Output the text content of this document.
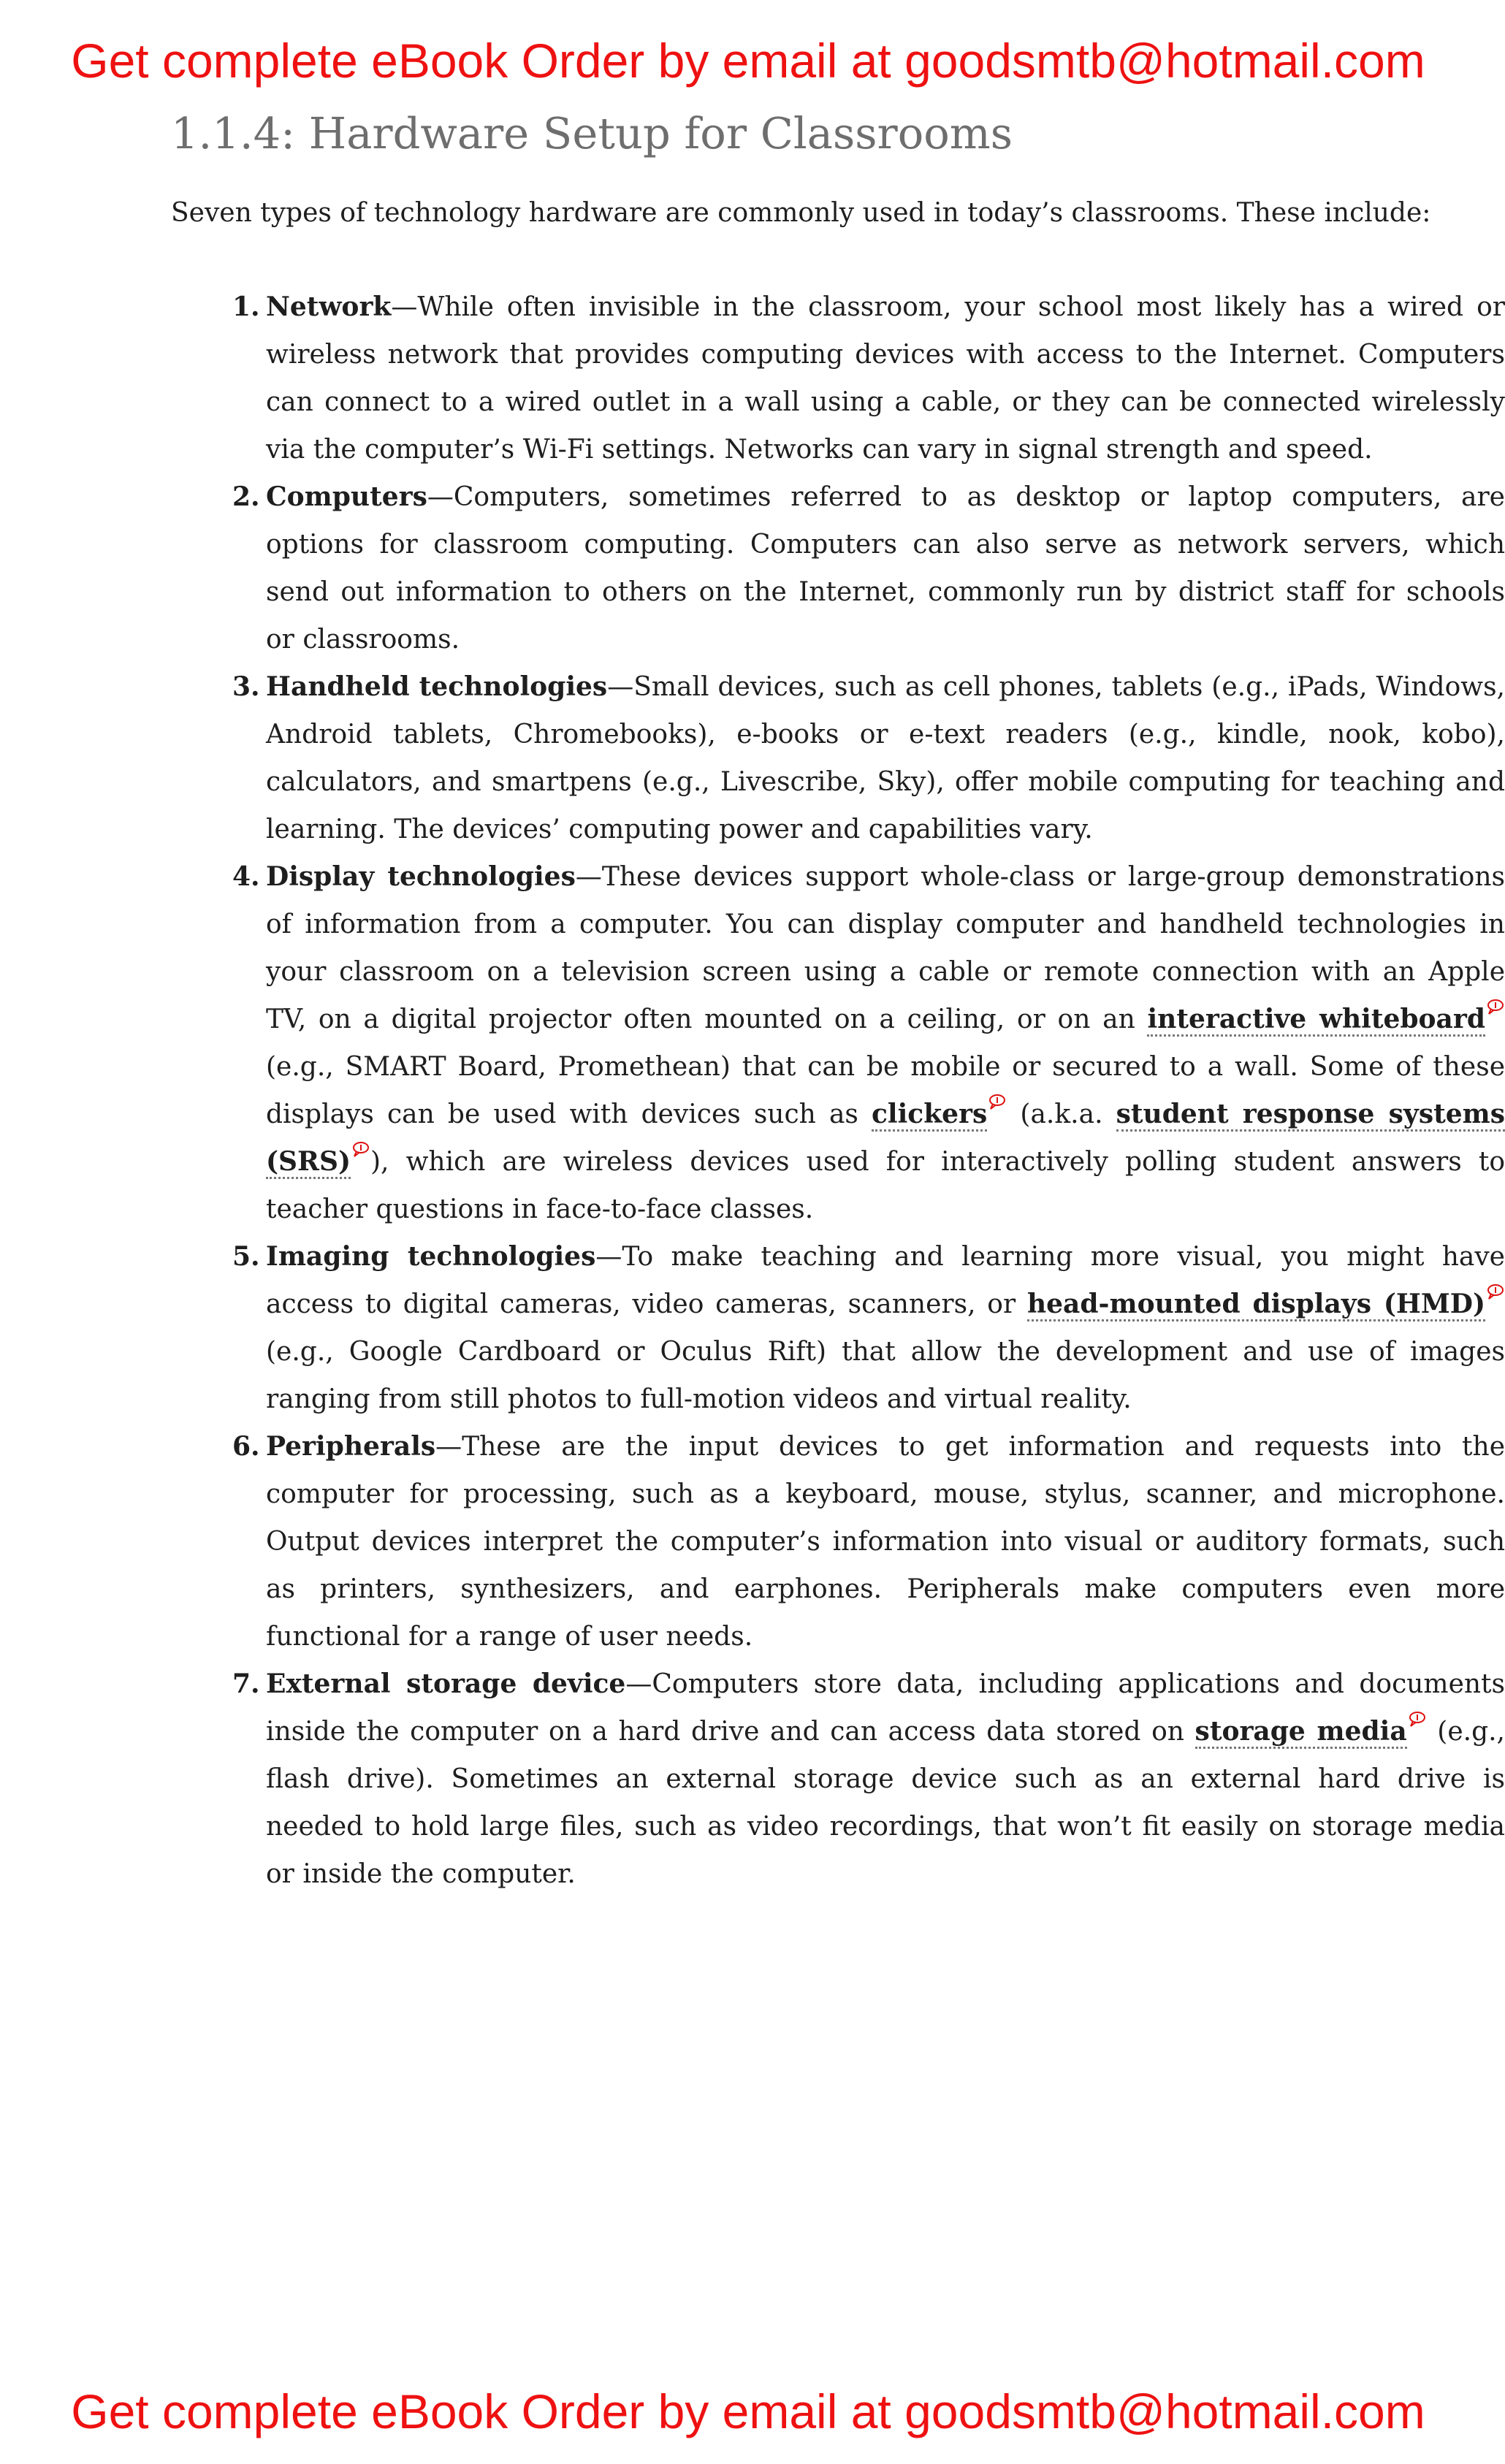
Get complete eBook Order by email at goodsmtb@hotmail.com
1.1.4: Hardware Setup for Classrooms

Seven types of technology hardware are commonly used in today’s classrooms. These include:

1. Network—While often invisible in the classroom, your school most likely has a wired or
wireless network that provides computing devices with access to the Internet. Computers
can connect to a wired outlet in a wall using a cable, or they can be connected wirelessly
via the computer’s Wi-Fi settings. Networks can vary in signal strength and speed.
2. Computers—Computers, sometimes referred to as desktop or laptop computers, are
options for classroom computing. Computers can also serve as network servers, which
send out information to others on the Internet, commonly run by district staff for schools
or classrooms.
3. Handheld technologies—Small devices, such as cell phones, tablets (e.g., iPads, Windows,
Android tablets, Chromebooks), e-books or e-text readers (e.g., kindle, nook, kobo),
calculators, and smartpens (e.g., Livescribe, Sky), offer mobile computing for teaching and
learning. The devices’ computing power and capabilities vary.
4. Display technologies—These devices support whole-class or large-group demonstrations
of information from a computer. You can display computer and handheld technologies in
your classroom on a television screen using a cable or remote connection with an Apple
TV, on a digital projector often mounted on a ceiling, or on an interactive whiteboard
(e.g., SMART Board, Promethean) that can be mobile or secured to a wall. Some of these
displays can be used with devices such as clickers
(a.k.a. student response systems
(SRS) ), which are wireless devices used for interactively polling student answers to
teacher questions in face-to-face classes.
5. Imaging technologies—To make teaching and learning more visual, you might have
access to digital cameras, video cameras, scanners, or head-mounted displays (HMD)
(e.g., Google Cardboard or Oculus Rift) that allow the development and use of images
ranging from still photos to full-motion videos and virtual reality.
6. Peripherals—These are the input devices to get information and requests into the
computer for processing, such as a keyboard, mouse, stylus, scanner, and microphone.
Output devices interpret the computer’s information into visual or auditory formats, such
as printers, synthesizers, and earphones. Peripherals make computers even more
functional for a range of user needs.
7. External storage device—Computers store data, including applications and documents
inside the computer on a hard drive and can access data stored on storage media
(e.g.,
flash drive). Sometimes an external storage device such as an external hard drive is
needed to hold large files, such as video recordings, that won’t fit easily on storage media
or inside the computer.
Get complete eBook Order by email at goodsmtb@hotmail.com
